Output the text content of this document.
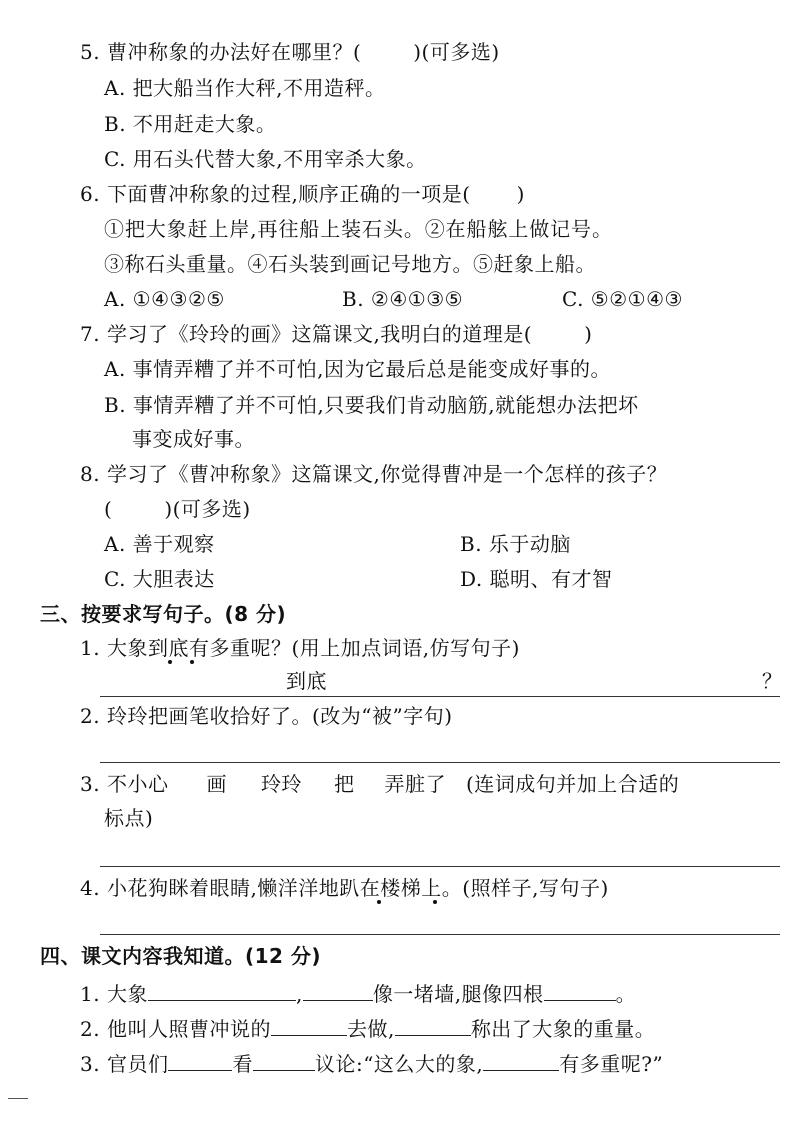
5. 曹冲称象的办法好在哪里？(	)(可多选)
A. 把大船当作大秤,不用造秤。
B. 不用赶走大象。
C. 用石头代替大象,不用宰杀大象。
6. 下面曹冲称象的过程,顺序正确的一项是( )
①把大象赶上岸,再往船上装石头。②在船舷上做记号。
③称石头重量。④石头装到画记号地方。⑤赶象上船。
A. ①④③②⑤	B. ②④①③⑤	C. ⑤②①④③
7. 学习了《玲玲的画》这篇课文,我明白的道理是(	)
A. 事情弄糟了并不可怕,因为它最后总是能变成好事的。
B. 事情弄糟了并不可怕,只要我们肯动脑筋,就能想办法把坏
事变成好事。
8. 学习了《曹冲称象》这篇课文,你觉得曹冲是一个怎样的孩子？
(	)(可多选)
A. 善于观察	B. 乐于动脑
C. 大胆表达	D. 聪明、有才智
三、按要求写句子。(8 分)
1. 大象到底有多重呢？(用上加点词语,仿写句子)
到底	？
2. 玲玲把画笔收拾好了。(改为“被”字句)
3. 不小心 画 玲玲 把 弄脏了 (连词成句并加上合适的
标点)
4. 小花狗眯着眼睛,懒洋洋地趴在楼梯上。(照样子,写句子)
四、课文内容我知道。(12 分)
1. 大象	,	像一堵墙,腿像四根	。
2. 他叫人照曹冲说的	去做,	称出了大象的重量。
3. 官员们	看	议论:“这么大的象,	有多重呢?”
